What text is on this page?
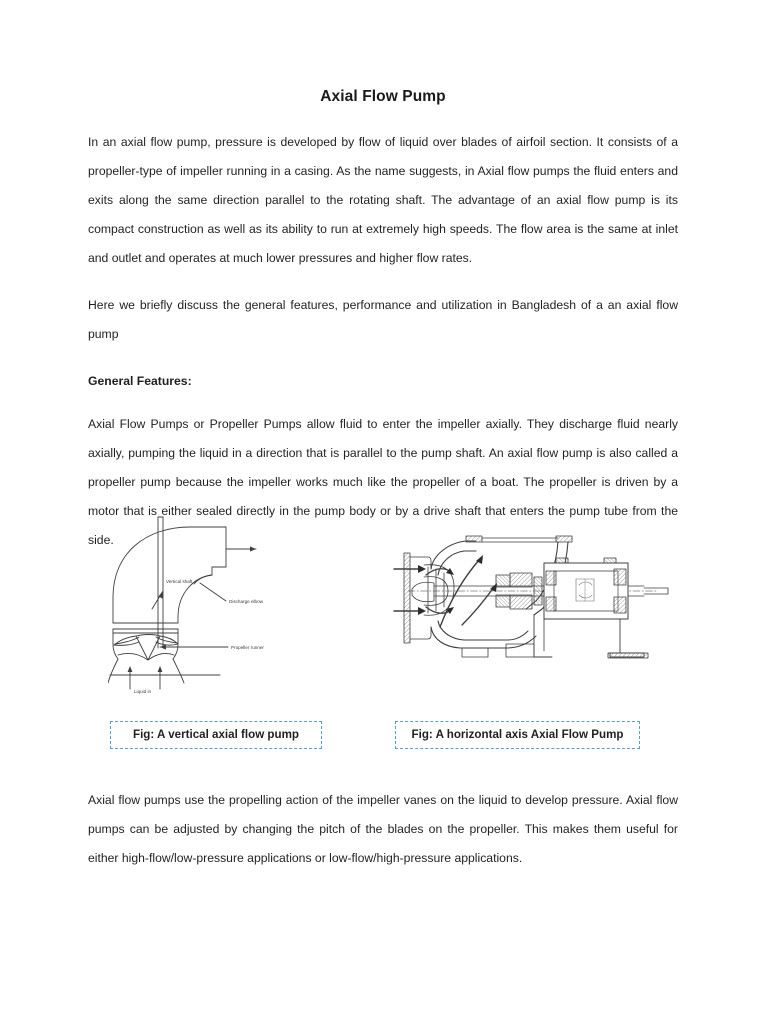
Axial Flow Pump

In an axial flow pump, pressure is developed by flow of liquid over blades of airfoil section. It consists of a propeller-type of impeller running in a casing. As the name suggests, in Axial flow pumps the fluid enters and exits along the same direction parallel to the rotating shaft. The advantage of an axial flow pump is its compact construction as well as its ability to run at extremely high speeds. The flow area is the same at inlet and outlet and operates at much lower pressures and higher flow rates.

Here we briefly discuss the general features, performance and utilization in Bangladesh of a an axial flow pump

General Features:

Axial Flow Pumps or Propeller Pumps allow fluid to enter the impeller axially. They discharge fluid nearly axially, pumping the liquid in a direction that is parallel to the pump shaft. An axial flow pump is also called a propeller pump because the impeller works much like the propeller of a boat. The propeller is driven by a motor that is either sealed directly in the pump body or by a drive shaft that enters the pump tube from the side.

Vertical shaft
Discharge elbow
Propeller runner
Liquid in
Fig: A vertical axial flow pump	Fig: A horizontal axis Axial Flow Pump

Axial flow pumps use the propelling action of the impeller vanes on the liquid to develop pressure. Axial flow pumps can be adjusted by changing the pitch of the blades on the propeller. This makes them useful for either high-flow/low-pressure applications or low-flow/high-pressure applications.
